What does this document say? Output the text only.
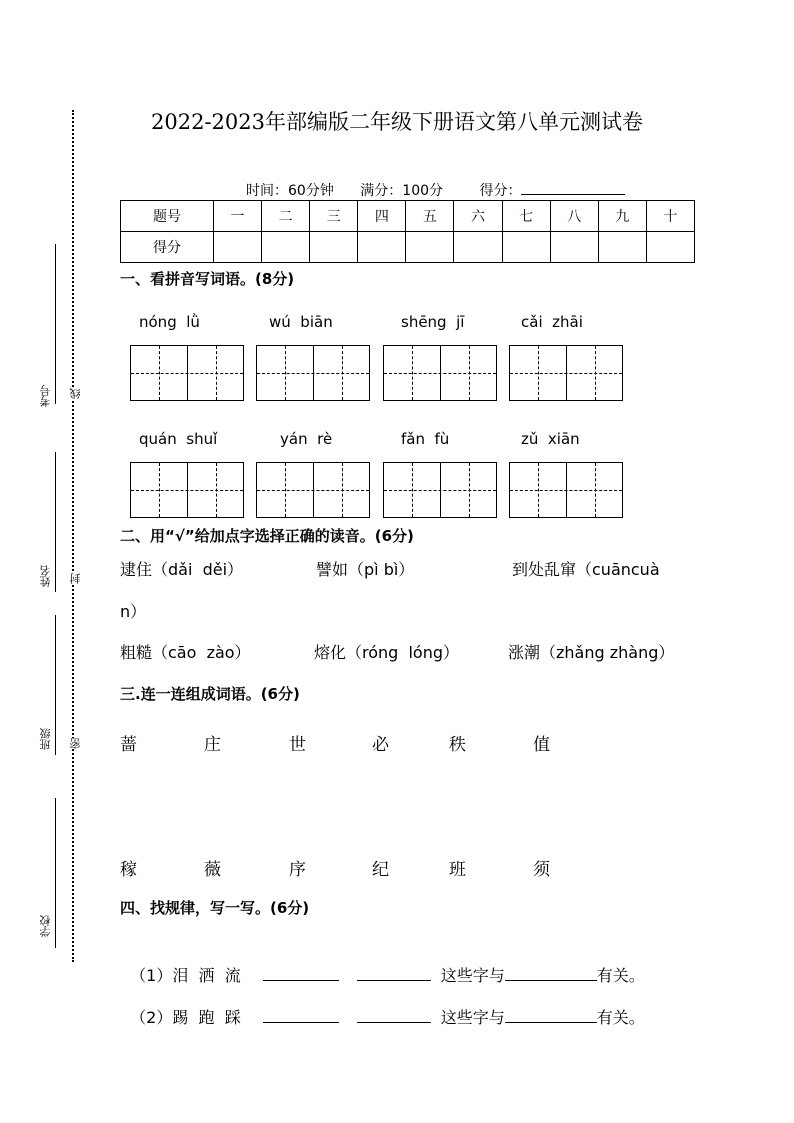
考号
姓名
班级
学校
线
封
密
2022-2023年部编版二年级下册语文第八单元测试卷
时间：60分钟 满分：100分	得分：
题号	一	二	三	四	五	六	七	八	九	十
得分										
一、看拼音写词语。(8分)
nóng  lǜ	wú  biān	shēng  jī	cǎi  zhāi
quán  shuǐ	yán  rè	fǎn  fù	zǔ  xiān
二、用“√”给加点字选择正确的读音。(6分)
逮住（dǎi  děi）	譬如（pì bì）	到处乱窜（cuāncuà
n）
粗糙（cāo  zào）	熔化（róng  lóng）	涨潮（zhǎng zhàng）
三.连一连组成词语。(6分)
蔷	庄	世	必	秩	值
稼	薇	序	纪	班	须
四、找规律，写一写。(6分)

（1）泪  洒  流	这些字与	有关。

（2）踢  跑  踩	这些字与	有关。
